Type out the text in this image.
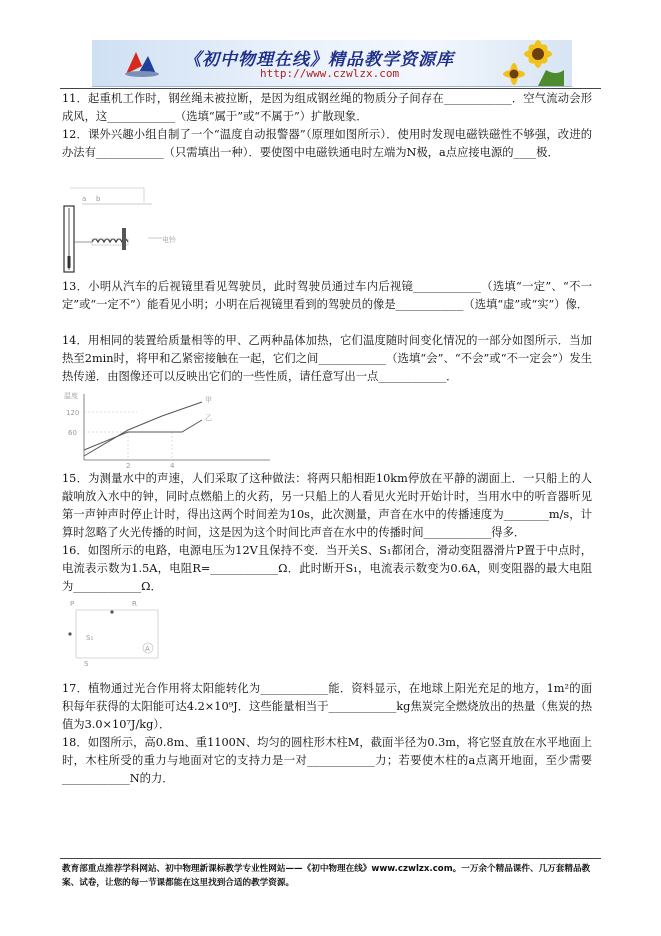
《初中物理在线》精品教学资源库
http://www.czwlzx.com

11．起重机工作时，钢丝绳未被拉断，是因为组成钢丝绳的物质分子间存在____________．空气流动会形成风，这____________（选填“属于”或“不属于”）扩散现象．

12．课外兴趣小组自制了一个“温度自动报警器”（原理如图所示）．使用时发现电磁铁磁性不够强，改进的办法有____________（只需填出一种）．要使图中电磁铁通电时左端为N极，a点应接电源的____极．

电铃
a b

13．小明从汽车的后视镜里看见驾驶员，此时驾驶员通过车内后视镜____________（选填“一定”、“不一定”或“一定不”）能看见小明；小明在后视镜里看到的驾驶员的像是____________（选填“虚”或“实”）像．

14．用相同的装置给质量相等的甲、乙两种晶体加热，它们温度随时间变化情况的一部分如图所示．当加热至2min时，将甲和乙紧密接触在一起，它们之间____________（选填“会”、“不会”或“不一定会”）发生热传递．由图像还可以反映出它们的一些性质，请任意写出一点____________．

温度
120
60
2	4
甲
乙

15．为测量水中的声速，人们采取了这种做法：将两只船相距10km停放在平静的湖面上．一只船上的人敲响放入水中的钟，同时点燃船上的火药，另一只船上的人看见火光时开始计时，当用水中的听音器听见第一声钟声时停止计时，得出这两个时间差为10s，此次测量，声音在水中的传播速度为________m/s，计算时忽略了火光传播的时间，这是因为这个时间比声音在水中的传播时间____________得多．

16．如图所示的电路，电源电压为12V且保持不变．当开关S、S₁都闭合，滑动变阻器滑片P置于中点时，电流表示数为1.5A，电阻R=____________Ω．此时断开S₁，电流表示数变为0.6A，则变阻器的最大电阻为____________Ω．

P	R
S₁
S
A

17．植物通过光合作用将太阳能转化为____________能．资料显示，在地球上阳光充足的地方，1m²的面积每年获得的太阳能可达4.2×10⁹J．这些能量相当于____________kg焦炭完全燃烧放出的热量（焦炭的热值为3.0×10⁷J/kg）．

18．如图所示，高0.8m、重1100N、均匀的圆柱形木柱M，截面半径为0.3m，将它竖直放在水平地面上时，木柱所受的重力与地面对它的支持力是一对____________力；若要使木柱的a点离开地面，至少需要____________N的力．

教育部重点推荐学科网站、初中物理新课标教学专业性网站——《初中物理在线》www.czwlzx.com。一万余个精品课件、几万套精品教案、试卷，让您的每一节课都能在这里找到合适的教学资源。
